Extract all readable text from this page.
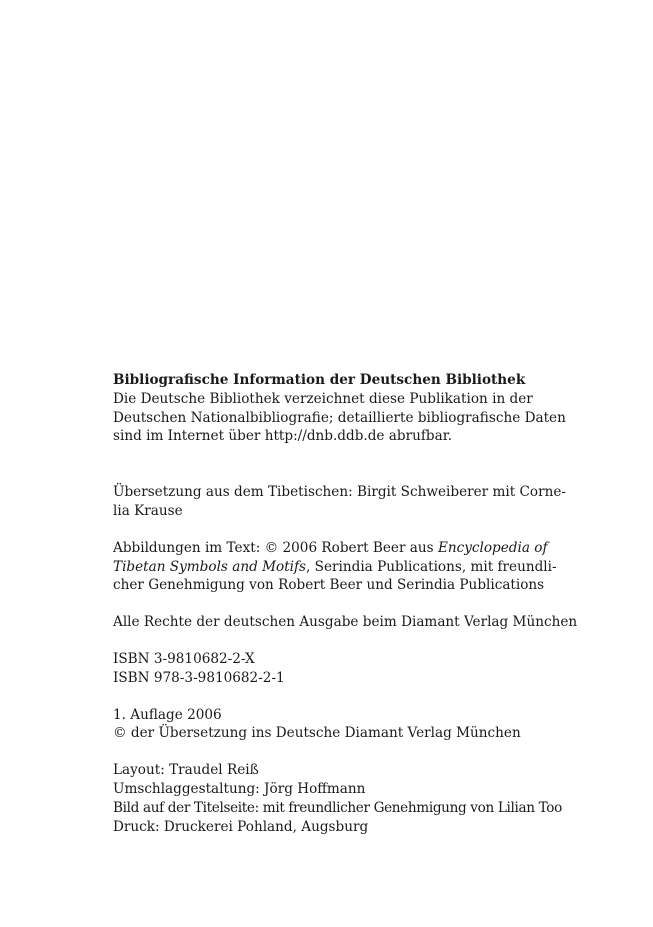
Bibliografische Information der Deutschen Bibliothek
Die Deutsche Bibliothek verzeichnet diese Publikation in der
Deutschen Nationalbibliografie; detaillierte bibliografische Daten
sind im Internet über http://dnb.ddb.de abrufbar.
Übersetzung aus dem Tibetischen: Birgit Schweiberer mit Corne-
lia Krause
Abbildungen im Text: © 2006 Robert Beer aus Encyclopedia of
Tibetan Symbols and Motifs, Serindia Publications, mit freundli-
cher Genehmigung von Robert Beer und Serindia Publications
Alle Rechte der deutschen Ausgabe beim Diamant Verlag München
ISBN 3-9810682-2-X
ISBN 978-3-9810682-2-1
1. Auflage 2006
© der Übersetzung ins Deutsche Diamant Verlag München
Layout: Traudel Reiß
Umschlaggestaltung: Jörg Hoffmann
Bild auf der Titelseite: mit freundlicher Genehmigung von Lilian Too
Druck: Druckerei Pohland, Augsburg
